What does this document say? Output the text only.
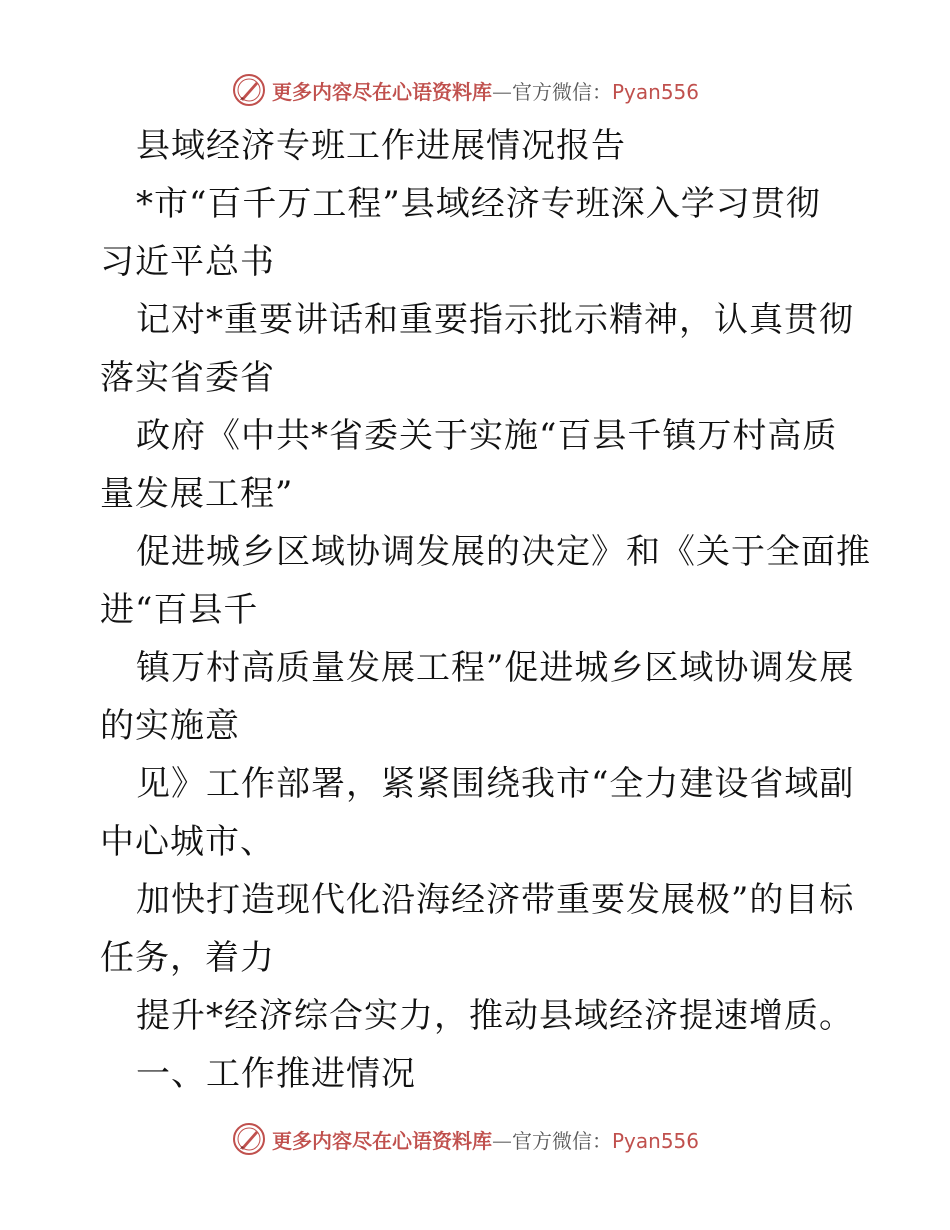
更多内容尽在心语资料库—官方微信：Pyan556
县域经济专班工作进展情况报告
*市“百千万工程”县域经济专班深入学习贯彻
习近平总书
记对*重要讲话和重要指示批示精神，认真贯彻
落实省委省
政府《中共*省委关于实施“百县千镇万村高质
量发展工程”
促进城乡区域协调发展的决定》和《关于全面推
进“百县千
镇万村高质量发展工程”促进城乡区域协调发展
的实施意
见》工作部署，紧紧围绕我市“全力建设省域副
中心城市、
加快打造现代化沿海经济带重要发展极”的目标
任务，着力
提升*经济综合实力，推动县域经济提速增质。
一、工作推进情况
更多内容尽在心语资料库—官方微信：Pyan556
